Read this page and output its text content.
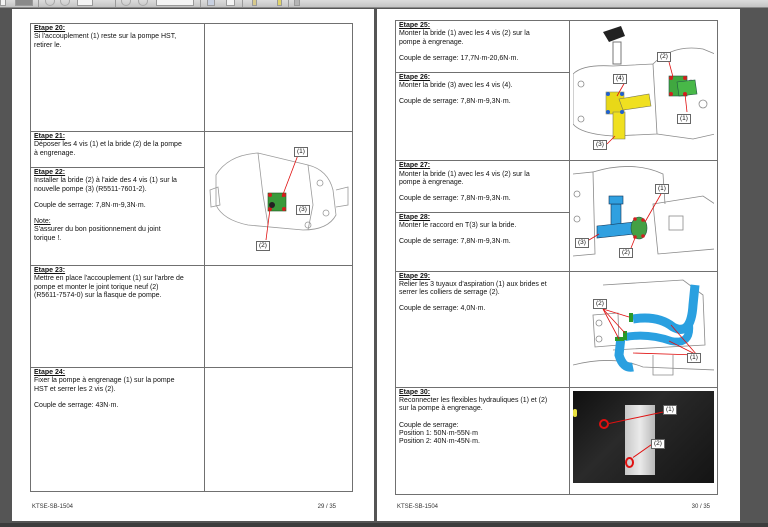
Etape 20:
Si l'accouplement (1) reste sur la pompe HST,
retirer le.

Etape 21:
Déposer les 4 vis (1) et la bride (2) de la pompe
à engrenage.	(1)
(3)
(2)

Etape 22:
Installer la bride (2) à l'aide des 4 vis (1) sur la
nouvelle pompe (3) (R5511-7601-2).
Couple de serrage: 7,8N·m-9,3N·m.
Note:
S'assurer du bon positionnement du joint
torique !.

Etape 23:
Mettre en place l'accouplement (1) sur l'arbre de
pompe et monter le joint torique neuf (2)
(R5611-7574-0) sur la flasque de pompe.

Etape 24:
Fixer la pompe à engrenage (1) sur la pompe
HST et serrer les 2 vis (2).
Couple de serrage: 43N·m.

KTSE-SB-1504	29 / 35
Etape 25:
Monter la bride (1) avec les 4 vis (2) sur la
pompe à engrenage.
Couple de serrage: 17,7N·m-20,6N·m.	(2)
(4)
(1)
(3)

Etape 26:
Monter la bride (3) avec les 4 vis (4).
Couple de serrage: 7,8N·m-9,3N·m.	

Etape 27:
Monter la bride (1) avec les 4 vis (2) sur la
pompe à engrenage.
Couple de serrage: 7,8N·m-9,3N·m.

(1)
(3)
(2)

Etape 28:
Monter le raccord en T(3) sur la bride.
Couple de serrage: 7,8N·m-9,3N·m.	

Etape 29:
Relier les 3 tuyaux d'aspiration (1) aux brides et
serrer les colliers de serrage (2).
Couple de serrage: 4,0N·m.

(2)
(1)

Etape 30:
Reconnecter les flexibles hydrauliques (1) et (2)
sur la pompe à engrenage.
Couple de serrage:
Position 1: 50N·m-55N·m
Position 2: 40N·m-45N·m.

(1)
(2)
KTSE-SB-1504	30 / 35
